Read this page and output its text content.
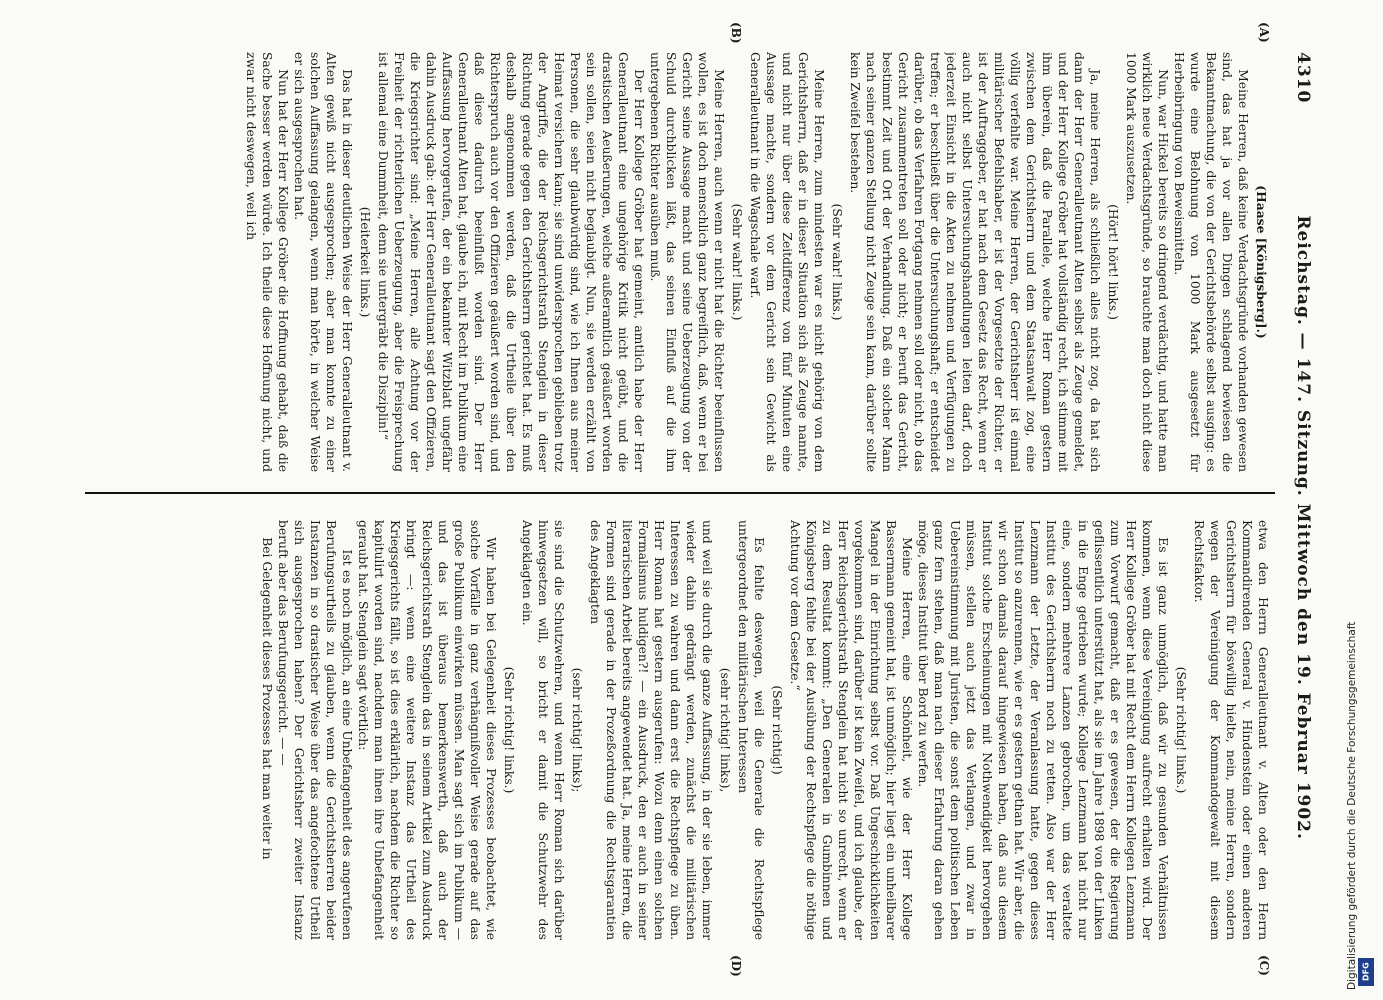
4310
Reichstag. — 147. Sitzung. Mittwoch den 19. Februar 1902.
(A)
(B)
(C)
(D)
(Haase [Königsberg].)

Meine Herren, daß keine Verdachtsgründe vorhanden gewesen sind, das hat ja vor allen Dingen schlagend bewiesen die Bekanntmachung, die von der Gerichtsbehörde selbst ausging: es wurde eine Belohnung von 1000 Mark ausgesetzt für Herbeibringung von Beweismitteln.

Nun, war Hickel bereits so dringend verdächtig, und hatte man wirklich neue Verdachtsgründe, so brauchte man doch nicht diese 1000 Mark auszusetzen.

(Hört! hört! links.)

Ja, meine Herren, als schließlich alles nicht zog, da hat sich dann der Herr Generalleutnant Alten selbst als Zeuge gemeldet, und der Herr Kollege Gröber hat vollständig recht, ich stimme mit ihm überein, daß die Parallele, welche Herr Roman gestern zwischen dem Gerichtsherrn und dem Staatsanwalt zog, eine völlig verfehlte war. Meine Herren, der Gerichtsherr ist einmal militärischer Befehlshaber, er ist der Vorgesetzte der Richter, er ist der Auftraggeber, er hat nach dem Gesetz das Recht, wenn er auch nicht selbst Untersuchungshandlungen leiten darf, doch jederzeit Einsicht in die Akten zu nehmen und Verfügungen zu treffen; er beschließt über die Untersuchungshaft; er entscheidet darüber, ob das Verfahren Fortgang nehmen soll oder nicht, ob das Gericht zusammentreten soll oder nicht; er beruft das Gericht, bestimmt Zeit und Ort der Verhandlung. Daß ein solcher Mann nach seiner ganzen Stellung nicht Zeuge sein kann, darüber sollte kein Zweifel bestehen.

(Sehr wahr! links.)

Meine Herren, zum mindesten war es nicht gehörig von dem Gerichtsherrn, daß er in dieser Situation sich als Zeuge nannte, und nicht nur über diese Zeitdifferenz von fünf Minuten eine Aussage machte, sondern vor dem Gericht sein Gewicht als Generalleutnant in die Wagschale warf.

(Sehr wahr! links.)

Meine Herren, auch wenn er nicht hat die Richter beeinflussen wollen, es ist doch menschlich ganz begreiflich, daß, wenn er bei Gericht seine Aussage macht und seine Ueberzeugung von der Schuld durchblicken läßt, das seinen Einfluß auf die ihm untergebenen Richter ausüben muß.

Der Herr Kollege Gröber hat gemeint, amtlich habe der Herr Generalleutnant eine ungehörige Kritik nicht geübt, und die drastischen Aeußerungen, welche außeramtlich geäußert worden sein sollen, seien nicht beglaubigt. Nun, sie werden erzählt von Personen, die sehr glaubwürdig sind, wie ich Ihnen aus meiner Heimat versichern kann; sie sind unwidersprochen geblieben trotz der Angriffe, die der Reichsgerichtsrath Stenglein in dieser Richtung gerade gegen den Gerichtsherrn gerichtet hat. Es muß deshalb angenommen werden, daß die Urtheile über den Richterspruch auch vor den Offizieren geäußert worden sind, und daß diese dadurch beeinflußt worden sind. Der Herr Generalleutnant Alten hat, glaube ich, mit Recht im Publikum eine Auffassung hervorgerufen, der ein bekannter Witzblatt ungefähr dahin Ausdruck gab: der Herr Generalleutnant sagt den Offizieren, die Kriegsrichter sind: „Meine Herren, alle Achtung vor der Freiheit der richterlichen Ueberzeugung, aber die Freisprechung ist allemal eine Dummheit, denn sie untergräbt die Disziplin!“

(Heiterkeit links.)

Das hat in dieser deutlichen Weise der Herr Generalleutnant v. Alten gewiß nicht ausgesprochen; aber man konnte zu einer solchen Auffassung gelangen, wenn man hörte, in welcher Weise er sich ausgesprochen hat.

Nun hat der Herr Kollege Gröber die Hoffnung gehabt, daß die Sache besser werden würde. Ich theile diese Hoffnung nicht, und zwar nicht deswegen, weil ich

etwa den Herrn Generalleutnant v. Alten oder den Herrn Kommandirenden General v. Hindenstein oder einen anderen Gerichtsherrn für böswillig hielte, nein, meine Herren, sondern wegen der Vereinigung der Kommandogewalt mit diesem Rechtsfaktor.

(Sehr richtig! links.)

Es ist ganz unmöglich, daß wir zu gesunden Verhältnissen kommen, wenn diese Vereinigung aufrecht erhalten wird. Der Herr Kollege Gröber hat mit Recht dem Herrn Kollegen Lenzmann zum Vorwurf gemacht, daß er es gewesen, der die Regierung geflissentlich unterstützt hat, als sie im Jahre 1898 von der Linken in die Enge getrieben wurde; Kollege Lenzmann hat nicht nur eine, sondern mehrere Lanzen gebrochen, um das veraltete Institut des Gerichtsherrn noch zu retten. Also war der Herr Lenzmann der Letzte, der Veranlassung hatte, gegen dieses Institut so anzurennen, wie er es gestern gethan hat. Wir aber, die wir schon damals darauf hingewiesen haben, daß aus diesem Institut solche Erscheinungen mit Nothwendigkeit hervorgehen müssen, stellen auch jetzt das Verlangen, und zwar in Uebereinstimmung mit Juristen, die sonst dem politischen Leben ganz fern stehen, daß man nach dieser Erfahrung daran gehen möge, dieses Institut über Bord zu werfen.

Meine Herren, eine Schönheit, wie der Herr Kollege Bassermann gemeint hat, ist unmöglich; hier liegt ein unheilbarer Mangel in der Einrichtung selbst vor. Daß Ungeschicklichkeiten vorgekommen sind, darüber ist kein Zweifel, und ich glaube, der Herr Reichsgerichtsrath Stenglein hat nicht so unrecht, wenn er zu dem Resultat kommt: „Den Generalen in Gumbinnen und Königsberg fehlte bei der Ausübung der Rechtspflege die nöthige Achtung vor dem Gesetze.“

(Sehr richtig!)

Es fehlte deswegen, weil die Generale die Rechtspflege untergeordnet den militärischen Interessen

(sehr richtig! links),

und weil sie durch die ganze Auffassung, in der sie leben, immer wieder dahin gedrängt werden, zunächst die militärischen Interessen zu wahren und dann erst die Rechtspflege zu üben. Herr Roman hat gestern ausgerufen: Wozu denn einen solchen Formalismus huldigen?! — ein Ausdruck, den er auch in seiner literarischen Arbeit bereits angewendet hat. Ja, meine Herren, die Formen sind gerade in der Prozeßordnung die Rechtsgarantien des Angeklagten

(sehr richtig! links);

sie sind die Schutzwehren, und wenn Herr Roman sich darüber hinwegsetzen will, so bricht er damit die Schutzwehr des Angeklagten ein.

(Sehr richtig! links.)

Wir haben bei Gelegenheit dieses Prozesses beobachtet, wie solche Vorfälle in ganz verhängnißvoller Weise gerade auf das große Publikum einwirken müssen. Man sagt sich im Publikum — und das ist überaus bemerkenswerth, daß auch der Reichsgerichtsrath Stenglein das in seinem Artikel zum Ausdruck bringt —: wenn eine weitere Instanz das Urtheil des Kriegsgerichts fällt, so ist dies erklärlich, nachdem die Richter so kapitulirt worden sind, nachdem man ihnen ihre Unbefangenheit geraubt hat. Stenglein sagt wörtlich:

Ist es noch möglich, an eine Unbefangenheit des angerufenen Berufungsurtheils zu glauben, wenn die Gerichtsherren beider Instanzen in so drastischer Weise über das angefochtene Urtheil sich ausgesprochen haben? Der Gerichtsherr zweiter Instanz beruft aber das Berufungsgericht. — —

Bei Gelegenheit dieses Prozesses hat man weiter in	Digitalisierung gefördert durch die Deutsche Forschungsgemeinschaft DFG
